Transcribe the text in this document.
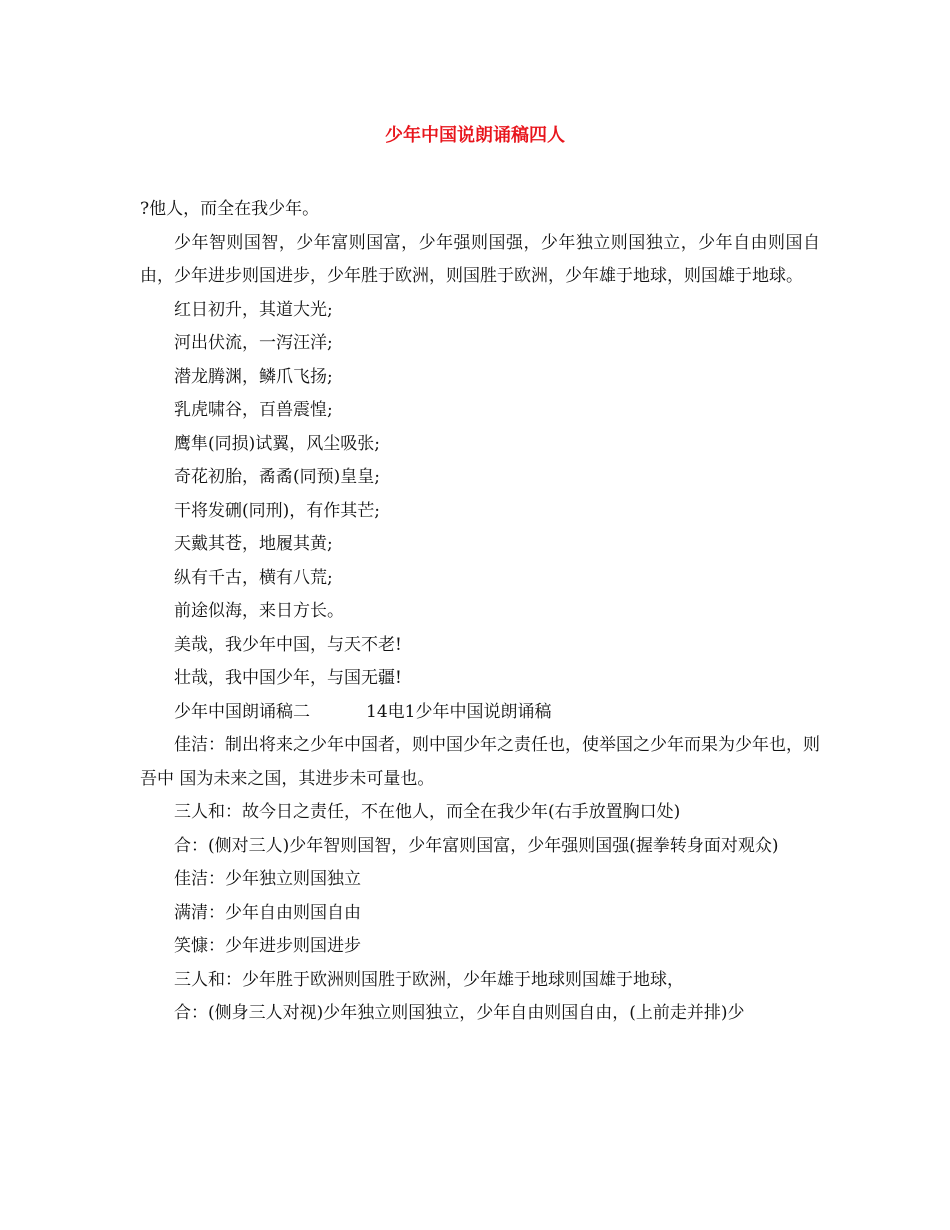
少年中国说朗诵稿四人

?他人，而全在我少年。

少年智则国智，少年富则国富，少年强则国强，少年独立则国独立，少年自由则国自由，少年进步则国进步，少年胜于欧洲，则国胜于欧洲，少年雄于地球，则国雄于地球。

红日初升，其道大光;

河出伏流，一泻汪洋;

潜龙腾渊，鳞爪飞扬;

乳虎啸谷，百兽震惶;

鹰隼(同损)试翼，风尘吸张;

奇花初胎，矞矞(同预)皇皇;

干将发硎(同刑)，有作其芒;

天戴其苍，地履其黄;

纵有千古，横有八荒;

前途似海，来日方长。

美哉，我少年中国，与天不老!

壮哉，我中国少年，与国无疆!

少年中国朗诵稿二	14电1少年中国说朗诵稿

佳洁：制出将来之少年中国者，则中国少年之责任也，使举国之少年而果为少年也，则吾中 国为未来之国，其进步未可量也。

三人和：故今日之责任，不在他人，而全在我少年(右手放置胸口处)

合：(侧对三人)少年智则国智，少年富则国富，少年强则国强(握拳转身面对观众)

佳洁：少年独立则国独立

满清：少年自由则国自由

笑慷：少年进步则国进步

三人和：少年胜于欧洲则国胜于欧洲，少年雄于地球则国雄于地球，

合：(侧身三人对视)少年独立则国独立，少年自由则国自由，(上前走并排)少
